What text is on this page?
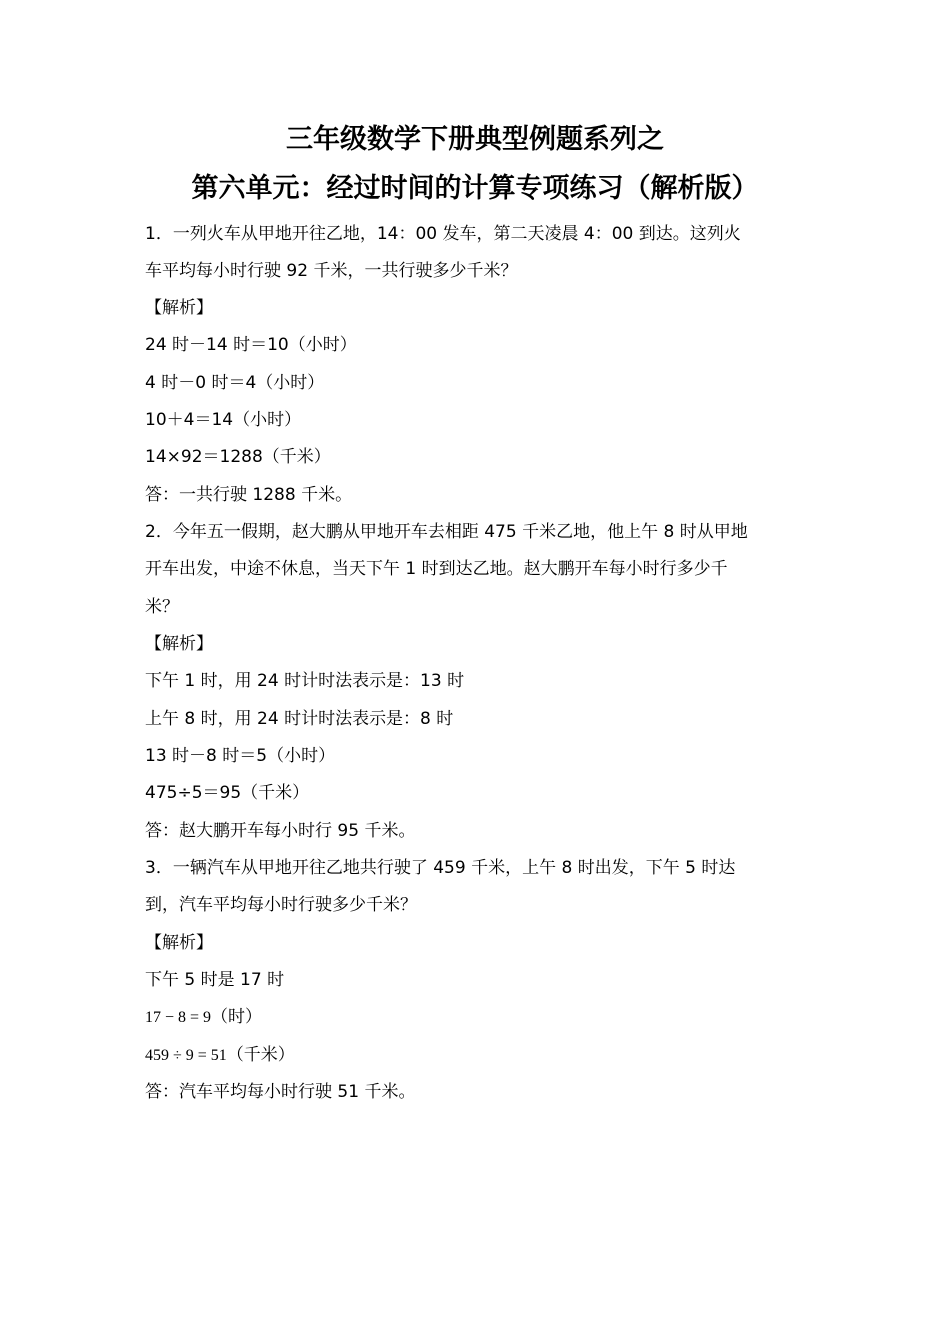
三年级数学下册典型例题系列之
第六单元：经过时间的计算专项练习（解析版）
1．一列火车从甲地开往乙地，14：00 发车，第二天凌晨 4：00 到达。这列火
车平均每小时行驶 92 千米，一共行驶多少千米？
【解析】
24 时－14 时＝10（小时）
4 时－0 时＝4（小时）
10＋4＝14（小时）
14×92＝1288（千米）
答：一共行驶 1288 千米。
2．今年五一假期，赵大鹏从甲地开车去相距 475 千米乙地，他上午 8 时从甲地
开车出发，中途不休息，当天下午 1 时到达乙地。赵大鹏开车每小时行多少千
米？
【解析】
下午 1 时，用 24 时计时法表示是：13 时
上午 8 时，用 24 时计时法表示是：8 时
13 时－8 时＝5（小时）
475÷5＝95（千米）
答：赵大鹏开车每小时行 95 千米。
3．一辆汽车从甲地开往乙地共行驶了 459 千米，上午 8 时出发，下午 5 时达
到，汽车平均每小时行驶多少千米？
【解析】
下午 5 时是 17 时
17 − 8 = 9（时）
459 ÷ 9 = 51（千米）
答：汽车平均每小时行驶 51 千米。
